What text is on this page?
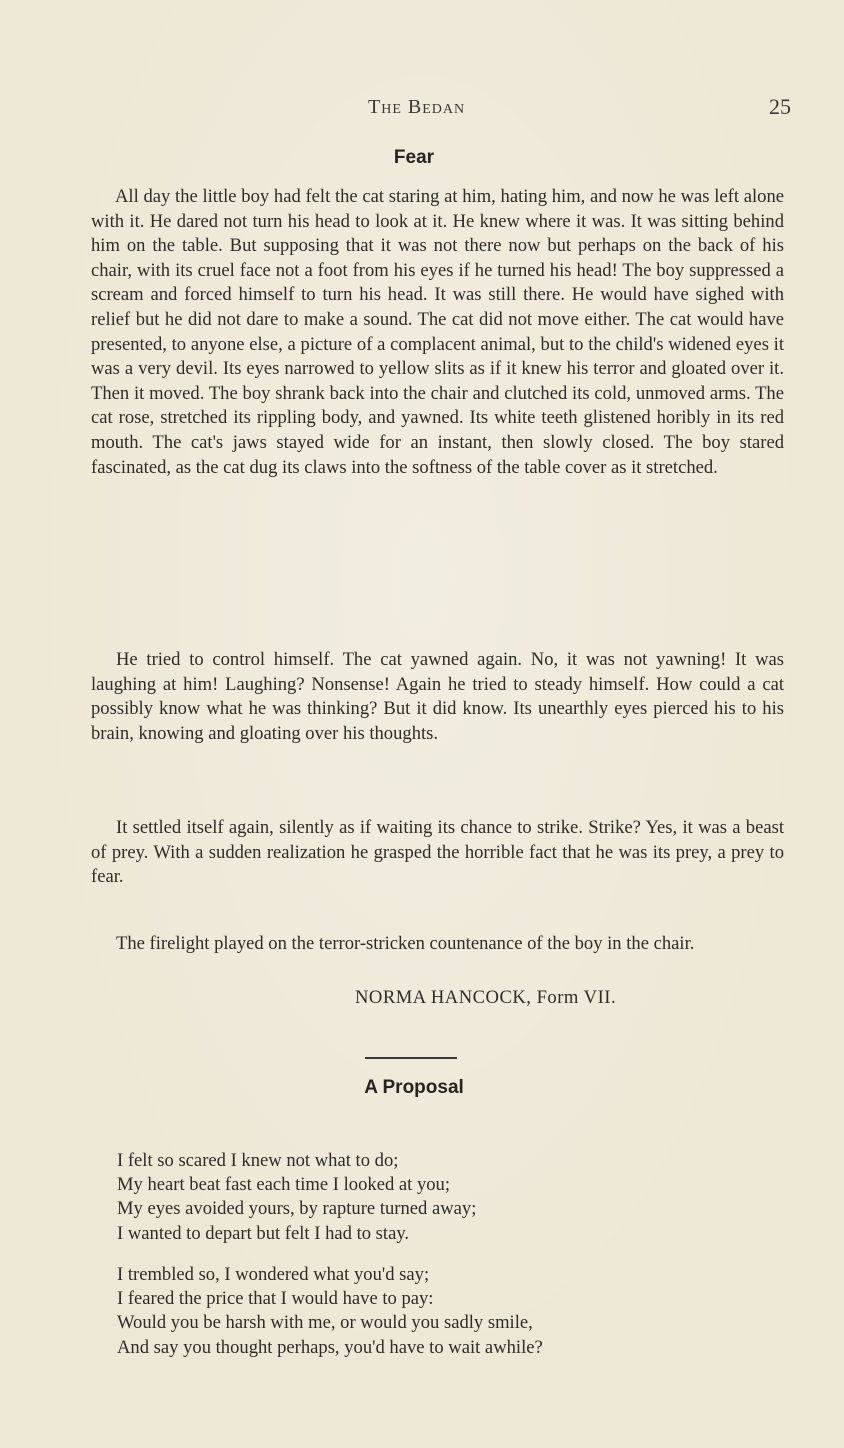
The Bedan	25
Fear
All day the little boy had felt the cat staring at him, hating him, and now he was left alone with it. He dared not turn his head to look at it. He knew where it was. It was sitting behind him on the table. But supposing that it was not there now but perhaps on the back of his chair, with its cruel face not a foot from his eyes if he turned his head! The boy suppressed a scream and forced himself to turn his head. It was still there. He would have sighed with relief but he did not dare to make a sound. The cat did not move either. The cat would have presented, to anyone else, a picture of a complacent animal, but to the child's widened eyes it was a very devil. Its eyes narrowed to yellow slits as if it knew his terror and gloated over it. Then it moved. The boy shrank back into the chair and clutched its cold, unmoved arms. The cat rose, stretched its rippling body, and yawned. Its white teeth glistened horibly in its red mouth. The cat's jaws stayed wide for an instant, then slowly closed. The boy stared fascinated, as the cat dug its claws into the softness of the table cover as it stretched.
He tried to control himself. The cat yawned again. No, it was not yawning! It was laughing at him! Laughing? Nonsense! Again he tried to steady himself. How could a cat possibly know what he was thinking? But it did know. Its unearthly eyes pierced his to his brain, knowing and gloating over his thoughts.
It settled itself again, silently as if waiting its chance to strike. Strike? Yes, it was a beast of prey. With a sudden realization he grasped the horrible fact that he was its prey, a prey to fear.
The firelight played on the terror-stricken countenance of the boy in the chair.
NORMA HANCOCK, Form VII.
A Proposal
I felt so scared I knew not what to do;
My heart beat fast each time I looked at you;
My eyes avoided yours, by rapture turned away;
I wanted to depart but felt I had to stay.
I trembled so, I wondered what you'd say;
I feared the price that I would have to pay:
Would you be harsh with me, or would you sadly smile,
And say you thought perhaps, you'd have to wait awhile?
